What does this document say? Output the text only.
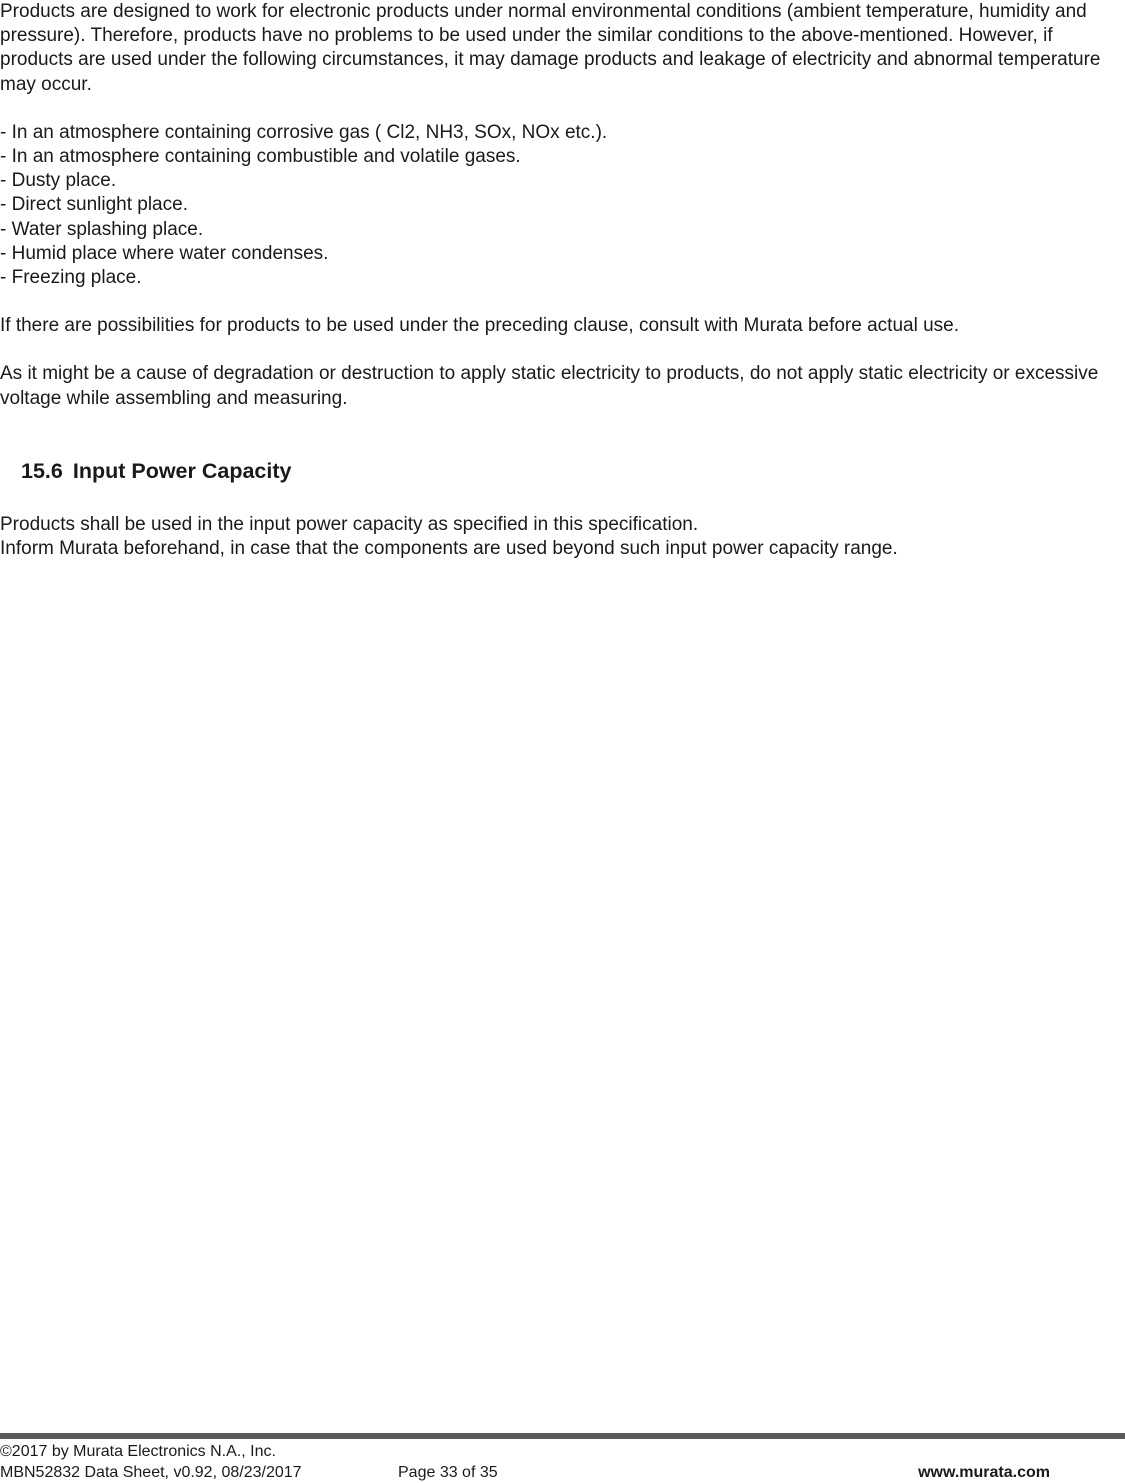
Products are designed to work for electronic products under normal environmental conditions (ambient temperature, humidity and pressure). Therefore, products have no problems to be used under the similar conditions to the above-mentioned. However, if products are used under the following circumstances, it may damage products and leakage of electricity and abnormal temperature may occur.

- In an atmosphere containing corrosive gas ( Cl2, NH3, SOx, NOx etc.).
- In an atmosphere containing combustible and volatile gases.
- Dusty place.
- Direct sunlight place.
- Water splashing place.
- Humid place where water condenses.
- Freezing place.

If there are possibilities for products to be used under the preceding clause, consult with Murata before actual use.

As it might be a cause of degradation or destruction to apply static electricity to products, do not apply static electricity or excessive voltage while assembling and measuring.

15.6 Input Power Capacity

Products shall be used in the input power capacity as specified in this specification.

Inform Murata beforehand, in case that the components are used beyond such input power capacity range.

©2017 by Murata Electronics N.A., Inc.
MBN52832 Data Sheet, v0.92, 08/23/2017	Page 33 of 35	www.murata.com
